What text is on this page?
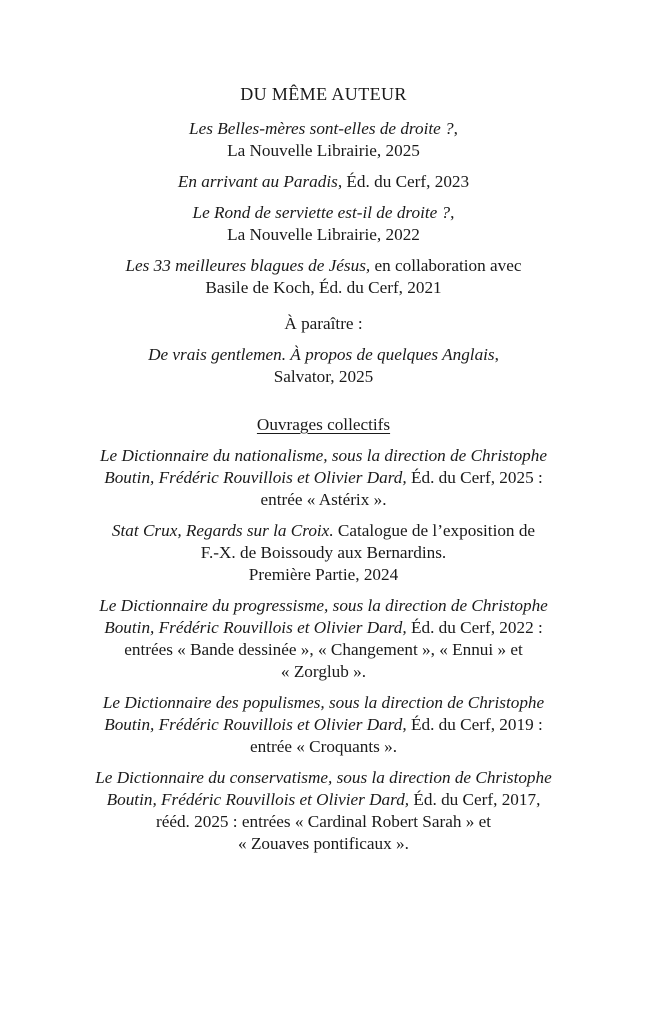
DU MÊME AUTEUR

Les Belles-mères sont-elles de droite ?,

La Nouvelle Librairie, 2025

En arrivant au Paradis, Éd. du Cerf, 2023

Le Rond de serviette est-il de droite ?,

La Nouvelle Librairie, 2022

Les 33 meilleures blagues de Jésus, en collaboration avec

Basile de Koch, Éd. du Cerf, 2021

À paraître :

De vrais gentlemen. À propos de quelques Anglais,

Salvator, 2025

Ouvrages collectifs

Le Dictionnaire du nationalisme, sous la direction de Christophe

Boutin, Frédéric Rouvillois et Olivier Dard, Éd. du Cerf, 2025 :

entrée « Astérix ».

Stat Crux, Regards sur la Croix. Catalogue de l’exposition de

F.-X. de Boissoudy aux Bernardins.

Première Partie, 2024

Le Dictionnaire du progressisme, sous la direction de Christophe

Boutin, Frédéric Rouvillois et Olivier Dard, Éd. du Cerf, 2022 :

entrées « Bande dessinée », « Changement », « Ennui » et

« Zorglub ».

Le Dictionnaire des populismes, sous la direction de Christophe

Boutin, Frédéric Rouvillois et Olivier Dard, Éd. du Cerf, 2019 :

entrée « Croquants ».

Le Dictionnaire du conservatisme, sous la direction de Christophe

Boutin, Frédéric Rouvillois et Olivier Dard, Éd. du Cerf, 2017,

rééd. 2025 : entrées « Cardinal Robert Sarah » et

« Zouaves pontificaux ».
